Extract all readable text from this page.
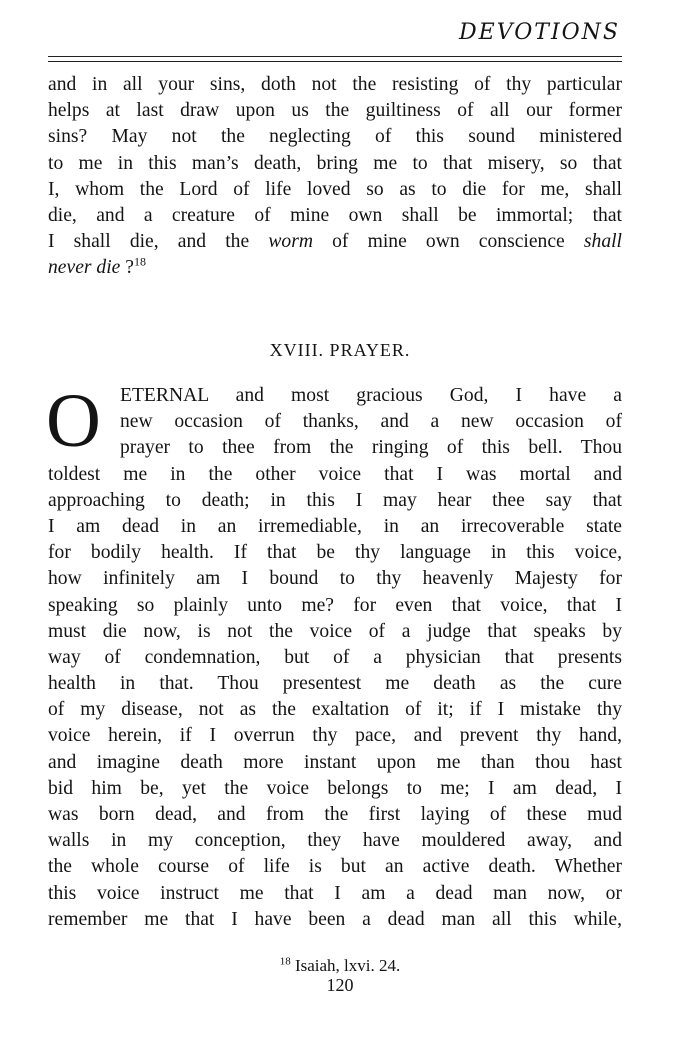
DEVOTIONS
and in all your sins, doth not the resisting of thy particular
helps at last draw upon us the guiltiness of all our former
sins? May not the neglecting of this sound ministered
to me in this man’s death, bring me to that misery, so that
I, whom the Lord of life loved so as to die for me, shall
die, and a creature of mine own shall be immortal; that
I shall die, and the worm of mine own conscience shall
never die ?$^{18}$
XVIII. PRAYER.
O ETERNAL and most gracious God, I have a
new occasion of thanks, and a new occasion of
prayer to thee from the ringing of this bell. Thou
toldest me in the other voice that I was mortal and
approaching to death; in this I may hear thee say that
I am dead in an irremediable, in an irrecoverable state
for bodily health. If that be thy language in this voice,
how infinitely am I bound to thy heavenly Majesty for
speaking so plainly unto me? for even that voice, that I
must die now, is not the voice of a judge that speaks by
way of condemnation, but of a physician that presents
health in that. Thou presentest me death as the cure
of my disease, not as the exaltation of it; if I mistake thy
voice herein, if I overrun thy pace, and prevent thy hand,
and imagine death more instant upon me than thou hast
bid him be, yet the voice belongs to me; I am dead, I
was born dead, and from the first laying of these mud
walls in my conception, they have mouldered away, and
the whole course of life is but an active death. Whether
this voice instruct me that I am a dead man now, or
remember me that I have been a dead man all this while,
$^{18}$ Isaiah, lxvi. 24.
120
